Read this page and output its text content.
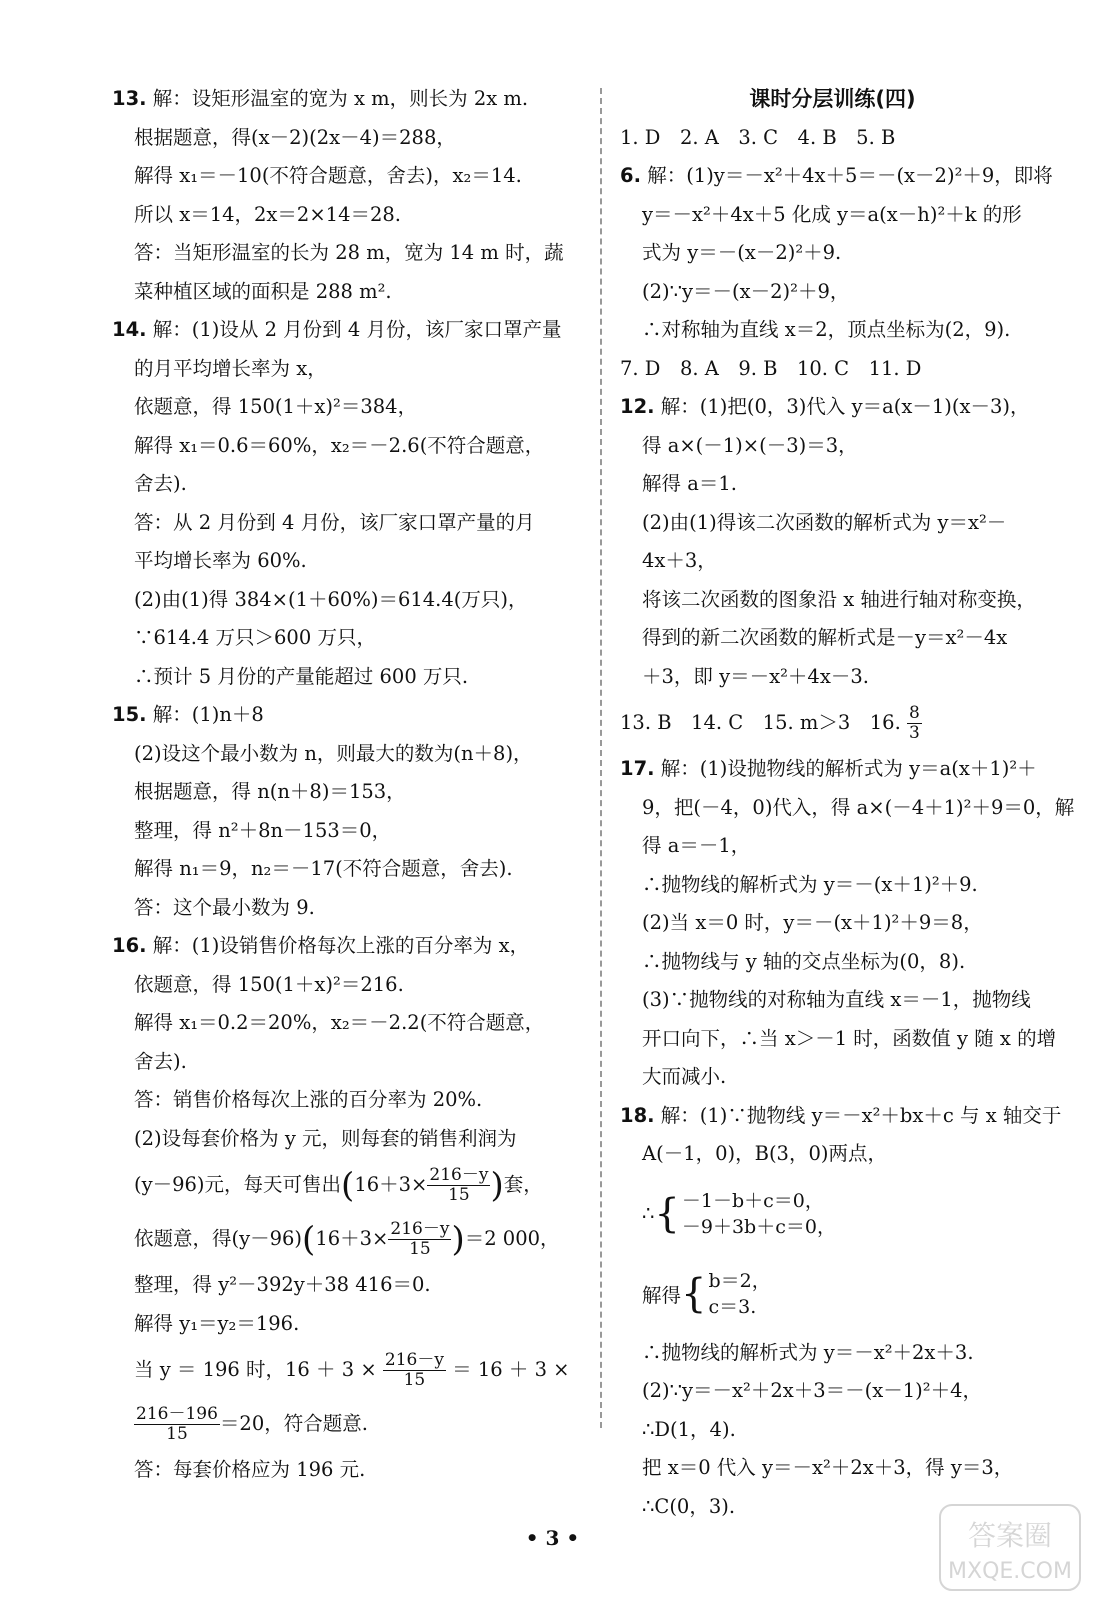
13. 解：设矩形温室的宽为 x m，则长为 2x m.
根据题意，得(x－2)(2x－4)＝288，
解得 x₁＝－10(不符合题意，舍去)，x₂＝14.
所以 x＝14，2x＝2×14＝28.
答：当矩形温室的长为 28 m，宽为 14 m 时，蔬
菜种植区域的面积是 288 m².
14. 解：(1)设从 2 月份到 4 月份，该厂家口罩产量
的月平均增长率为 x，
依题意，得 150(1＋x)²＝384，
解得 x₁＝0.6＝60%，x₂＝－2.6(不符合题意，
舍去).
答：从 2 月份到 4 月份，该厂家口罩产量的月
平均增长率为 60%.
(2)由(1)得 384×(1＋60%)＝614.4(万只)，
∵614.4 万只＞600 万只，
∴预计 5 月份的产量能超过 600 万只.
15. 解：(1)n＋8
(2)设这个最小数为 n，则最大的数为(n＋8)，
根据题意，得 n(n＋8)＝153，
整理，得 n²＋8n－153＝0，
解得 n₁＝9，n₂＝－17(不符合题意，舍去).
答：这个最小数为 9.
16. 解：(1)设销售价格每次上涨的百分率为 x，
依题意，得 150(1＋x)²＝216.
解得 x₁＝0.2＝20%，x₂＝－2.2(不符合题意，
舍去).
答：销售价格每次上涨的百分率为 20%.
(2)设每套价格为 y 元，则每套的销售利润为
(y－96)元，每天可售出($16+3\times \frac{216-y}{15}$ )套，
依题意，得$(y-96)(16+3\times \frac{216-y}{15} )=2$ 000，
整理，得 y²－392y＋38 416＝0.
解得 y₁＝y₂＝196.
当 y ＝ 196 时，$16 + 3 \times \frac{216-y}{15} = 16 + 3$ ×
$\frac{216-196}{15} =20$，符合题意.
答：每套价格应为 196 元.
课时分层训练(四)
1. D　2. A　3. C　4. B　5. B
6. 解：(1)y＝－x²＋4x＋5＝－(x－2)²＋9，即将
y＝－x²＋4x＋5 化成 y＝a(x－h)²＋k 的形
式为 y＝－(x－2)²＋9.
(2)∵y＝－(x－2)²＋9，
∴对称轴为直线 x＝2，顶点坐标为(2，9).
7. D　8. A　9. B　10. C　11. D
12. 解：(1)把(0，3)代入 y＝a(x－1)(x－3)，
得 a×(－1)×(－3)＝3，
解得 a＝1.
(2)由(1)得该二次函数的解析式为 y＝x²－
4x＋3，
将该二次函数的图象沿 x 轴进行轴对称变换，
得到的新二次函数的解析式是－y＝x²－4x
＋3，即 y＝－x²＋4x－3.
13. B　14. C　15. m＞3　16. $\frac{8}{3}$
17. 解：(1)设抛物线的解析式为 y＝a(x＋1)²＋
9，把(－4，0)代入，得 a×(－4＋1)²＋9＝0，解
得 a＝－1，
∴抛物线的解析式为 y＝－(x＋1)²＋9.
(2)当 x＝0 时，y＝－(x＋1)²＋9＝8，
∴抛物线与 y 轴的交点坐标为(0，8).
(3)∵抛物线的对称轴为直线 x＝－1，抛物线
开口向下，∴当 x＞－1 时，函数值 y 随 x 的增
大而减小.
18. 解：(1)∵抛物线 y＝－x²＋bx＋c 与 x 轴交于
A(－1，0)，B(3，0)两点，
∴ { －1－b＋c＝0，
－9＋3b＋c＝0，
解得 { b＝2，
c＝3.
∴抛物线的解析式为 y＝－x²＋2x＋3.
(2)∵y＝－x²＋2x＋3＝－(x－1)²＋4，
∴D(1，4).
把 x＝0 代入 y＝－x²＋2x＋3，得 y＝3，
∴C(0，3).
• 3 •	答案圈
MXQE.COM
